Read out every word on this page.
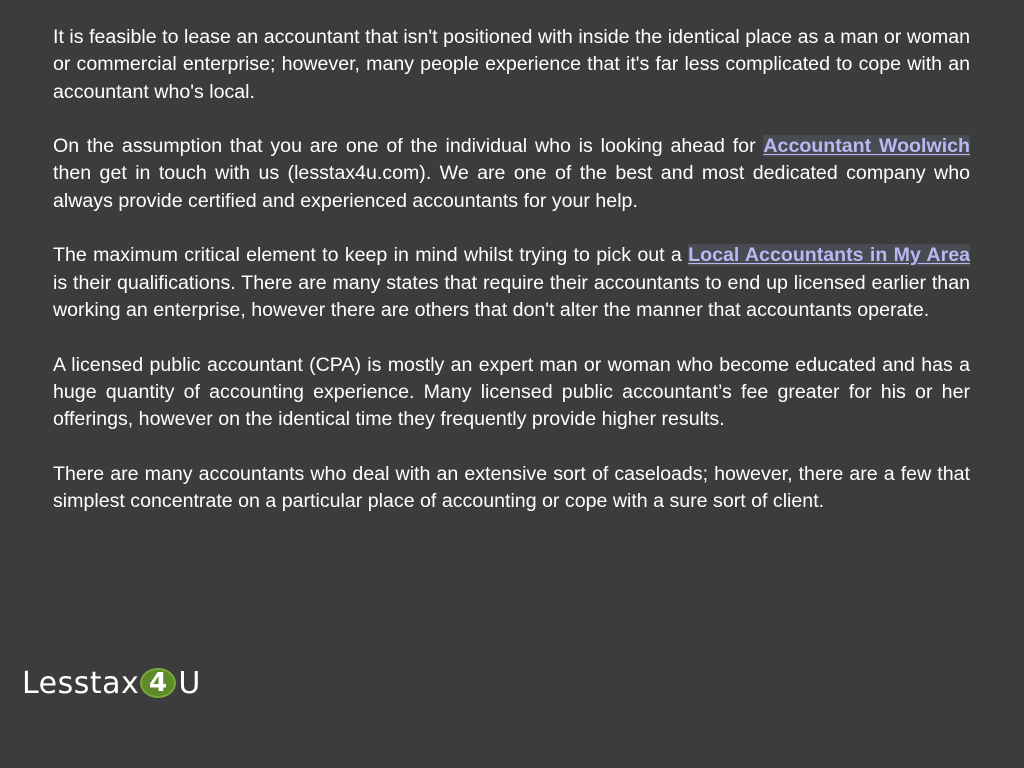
It is feasible to lease an accountant that isn't positioned with inside the identical place as a man or woman or commercial enterprise; however, many people experience that it's far less complicated to cope with an accountant who's local.

On the assumption that you are one of the individual who is looking ahead for Accountant Woolwich then get in touch with us (lesstax4u.com). We are one of the best and most dedicated company who always provide certified and experienced accountants for your help.

The maximum critical element to keep in mind whilst trying to pick out a Local Accountants in My Area is their qualifications. There are many states that require their accountants to end up licensed earlier than working an enterprise, however there are others that don't alter the manner that accountants operate.

A licensed public accountant (CPA) is mostly an expert man or woman who become educated and has a huge quantity of accounting experience. Many licensed public accountant’s fee greater for his or her offerings, however on the identical time they frequently provide higher results.

There are many accountants who deal with an extensive sort of caseloads; however, there are a few that simplest concentrate on a particular place of accounting or cope with a sure sort of client.

Lesstax 4 U
